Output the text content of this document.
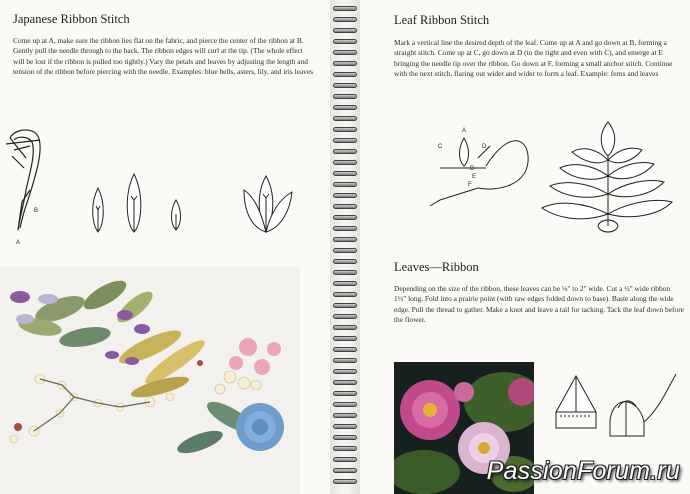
Japanese Ribbon Stitch

Come up at A, make sure the ribbon lies flat on the fabric, and pierce the center of the ribbon at B. Gently pull the needle through to the back. The ribbon edges will curl at the tip. (The whole effect will be lost if the ribbon is pulled too tightly.) Vary the petals and leaves by adjusting the length and tension of the ribbon before piercing with the needle. Examples: blue bells, asters, lily, and iris leaves

B
A
Leaf Ribbon Stitch

Mark a vertical line the desired depth of the leaf. Come up at A and go down at B, forming a straight stitch. Come up at C, go down at D (to the right and even with C), and emerge at E bringing the needle tip over the ribbon. Go down at F, forming a small anchor stitch. Continue with the next stitch, flaring out wider and wider to form a leaf. Example: ferns and leaves

C
A
D
B
E
F
Leaves—Ribbon

Depending on the size of the ribbon, these leaves can be ⅛" to 2" wide. Cut a ½" wide ribbon 1½" long. Fold into a prairie point (with raw edges folded down to base). Baste along the wide edge. Pull the thread to gather. Make a knot and leave a tail for tacking. Tack the leaf down before the flower.

PassionForum.ru
